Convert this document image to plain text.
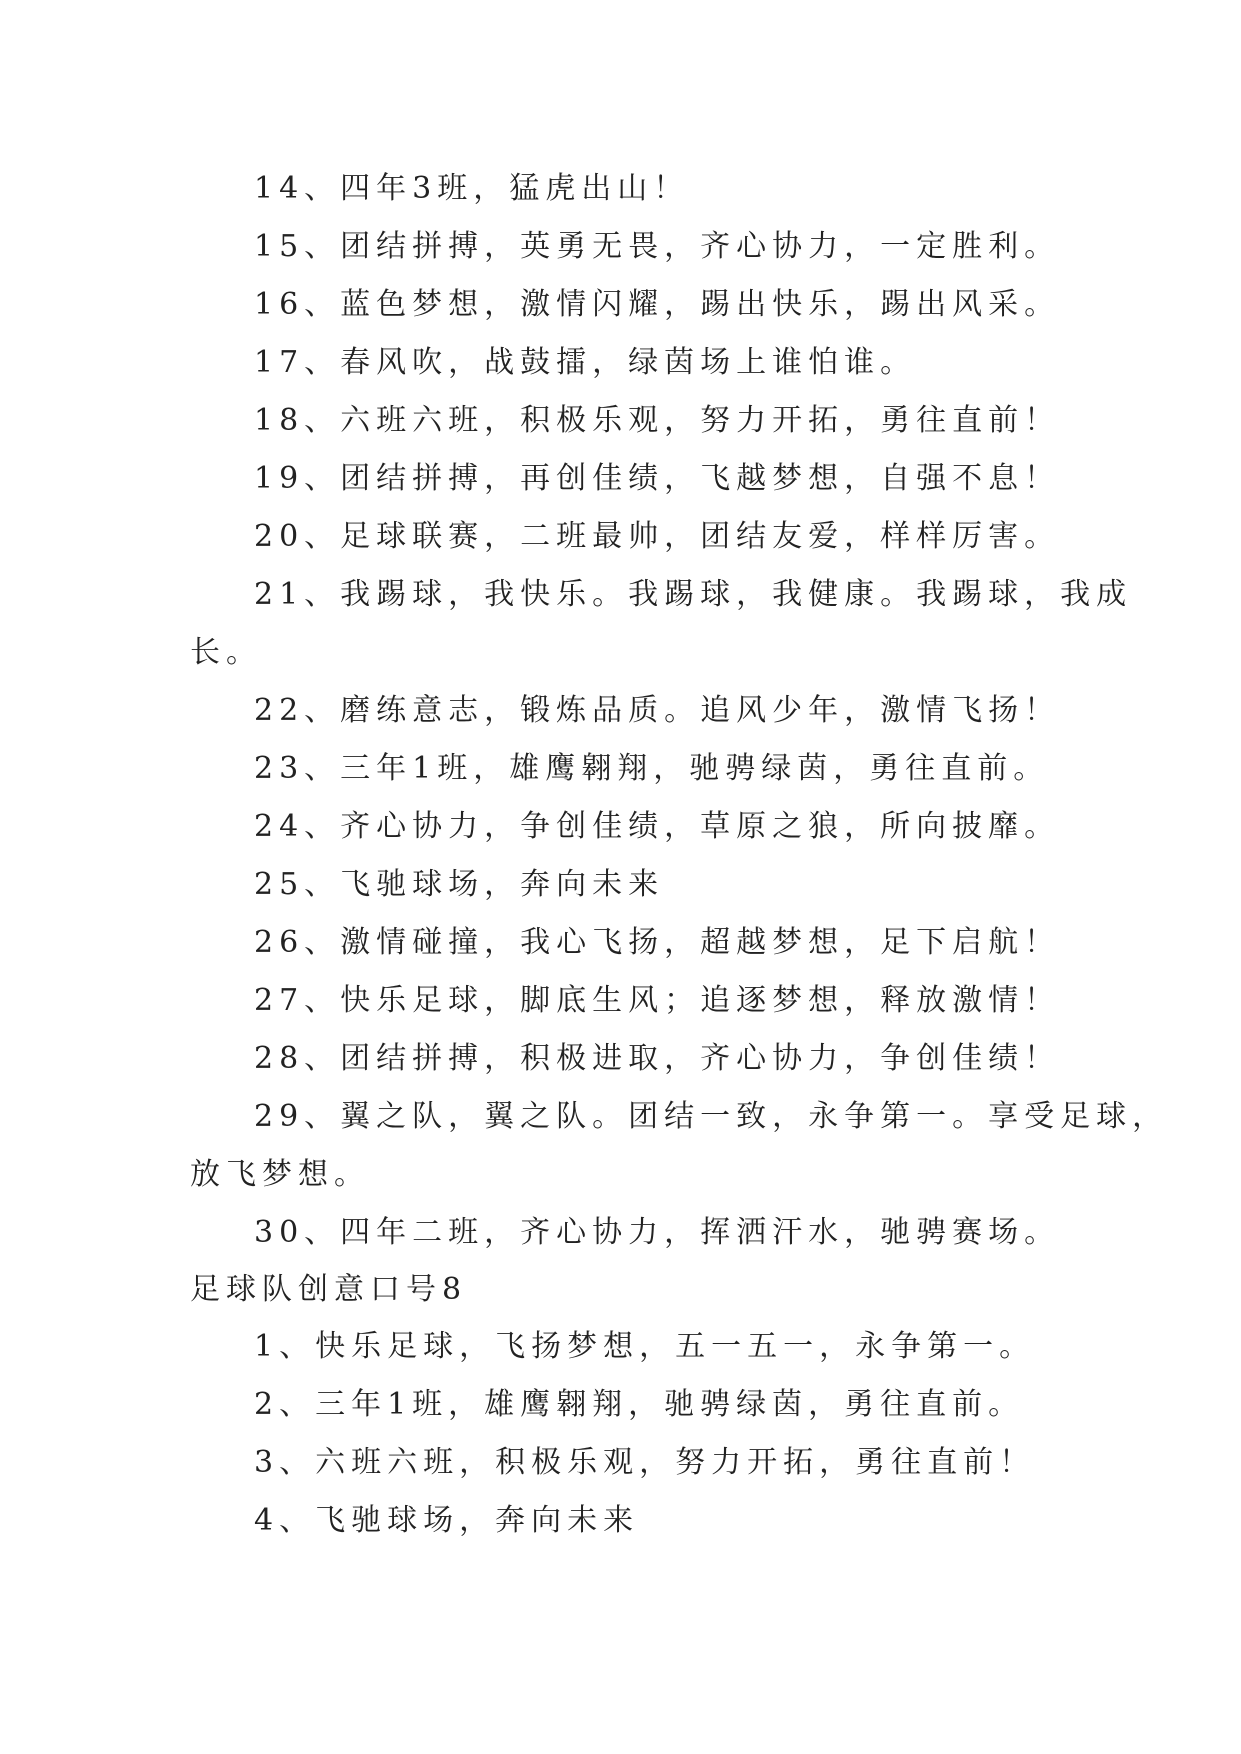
14、四年3班，猛虎出山！
15、团结拼搏，英勇无畏，齐心协力，一定胜利。
16、蓝色梦想，激情闪耀，踢出快乐，踢出风采。
17、春风吹，战鼓擂，绿茵场上谁怕谁。
18、六班六班，积极乐观，努力开拓，勇往直前！
19、团结拼搏，再创佳绩，飞越梦想，自强不息！
20、足球联赛，二班最帅，团结友爱，样样厉害。
21、我踢球，我快乐。我踢球，我健康。我踢球，我成
长。
22、磨练意志，锻炼品质。追风少年，激情飞扬！
23、三年1班，雄鹰翱翔，驰骋绿茵，勇往直前。
24、齐心协力，争创佳绩，草原之狼，所向披靡。
25、飞驰球场，奔向未来
26、激情碰撞，我心飞扬，超越梦想，足下启航！
27、快乐足球，脚底生风；追逐梦想，释放激情！
28、团结拼搏，积极进取，齐心协力，争创佳绩！
29、翼之队，翼之队。团结一致，永争第一。享受足球，
放飞梦想。
30、四年二班，齐心协力，挥洒汗水，驰骋赛场。
足球队创意口号8
1、快乐足球，飞扬梦想，五一五一，永争第一。
2、三年1班，雄鹰翱翔，驰骋绿茵，勇往直前。
3、六班六班，积极乐观，努力开拓，勇往直前！
4、飞驰球场，奔向未来
